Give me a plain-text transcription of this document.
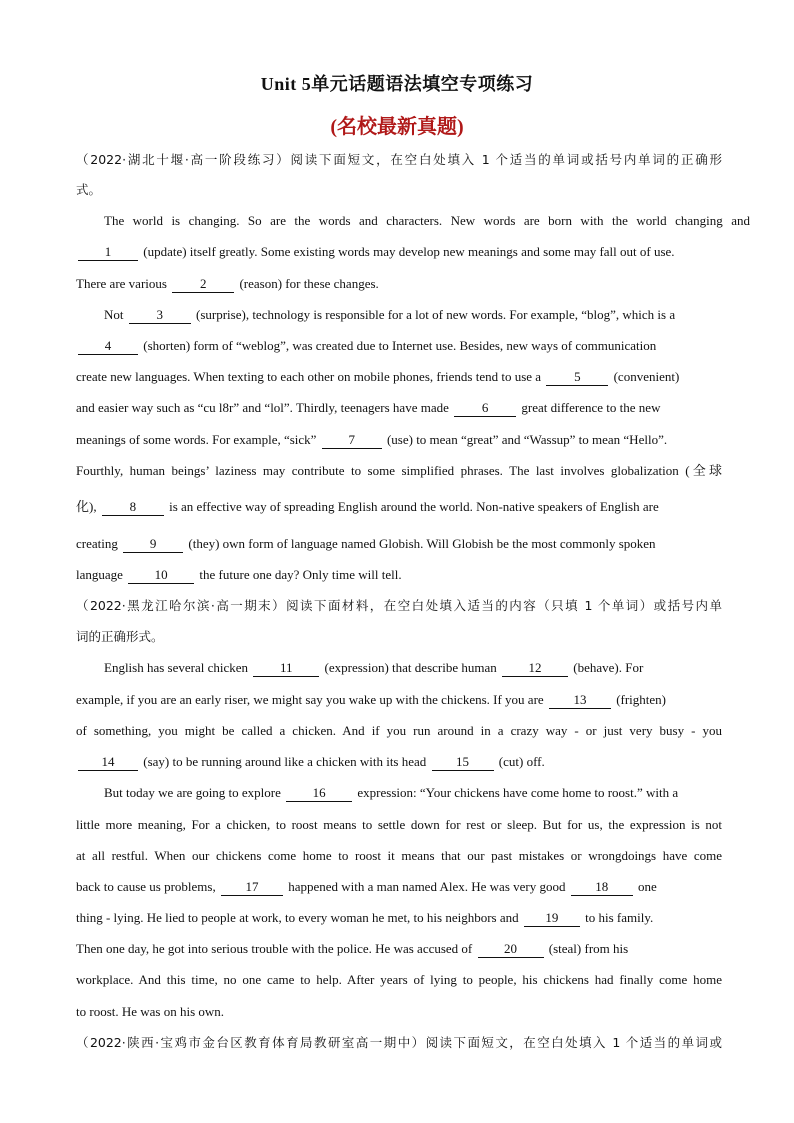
Unit 5单元话题语法填空专项练习
(名校最新真题)
（2022·湖北十堰·高一阶段练习）阅读下面短文，在空白处填入 1 个适当的单词或括号内单词的正确形
式。
The world is changing. So are the words and characters. New words are born with the world changing and
1 (update) itself greatly. Some existing words may develop new meanings and some may fall out of use.
There are various 2 (reason) for these changes.
Not 3 (surprise), technology is responsible for a lot of new words. For example, “blog”, which is a
4 (shorten) form of “weblog”, was created due to Internet use. Besides, new ways of communication
create new languages. When texting to each other on mobile phones, friends tend to use a 5 (convenient)
and easier way such as “cu l8r” and “lol”. Thirdly, teenagers have made 6 great difference to the new
meanings of some words. For example, “sick” 7 (use) to mean “great” and “Wassup” to mean “Hello”.
Fourthly, human beings’ laziness may contribute to some simplified phrases. The last involves globalization (全球
化), 8 is an effective way of spreading English around the world. Non-native speakers of English are
creating 9 (they) own form of language named Globish. Will Globish be the most commonly spoken
language 10 the future one day? Only time will tell.
（2022·黑龙江哈尔滨·高一期末）阅读下面材料，在空白处填入适当的内容（只填 1 个单词）或括号内单
词的正确形式。
English has several chicken 11 (expression) that describe human 12 (behave). For
example, if you are an early riser, we might say you wake up with the chickens. If you are 13 (frighten)
of something, you might be called a chicken. And if you run around in a crazy way - or just very busy - you
14 (say) to be running around like a chicken with its head 15 (cut) off.
But today we are going to explore 16 expression: “Your chickens have come home to roost.” with a
little more meaning, For a chicken, to roost means to settle down for rest or sleep. But for us, the expression is not
at all restful. When our chickens come home to roost it means that our past mistakes or wrongdoings have come
back to cause us problems, 17 happened with a man named Alex. He was very good 18 one
thing - lying. He lied to people at work, to every woman he met, to his neighbors and 19 to his family.
Then one day, he got into serious trouble with the police. He was accused of 20 (steal) from his
workplace. And this time, no one came to help. After years of lying to people, his chickens had finally come home
to roost. He was on his own.
（2022·陕西·宝鸡市金台区教育体育局教研室高一期中）阅读下面短文，在空白处填入 1 个适当的单词或
